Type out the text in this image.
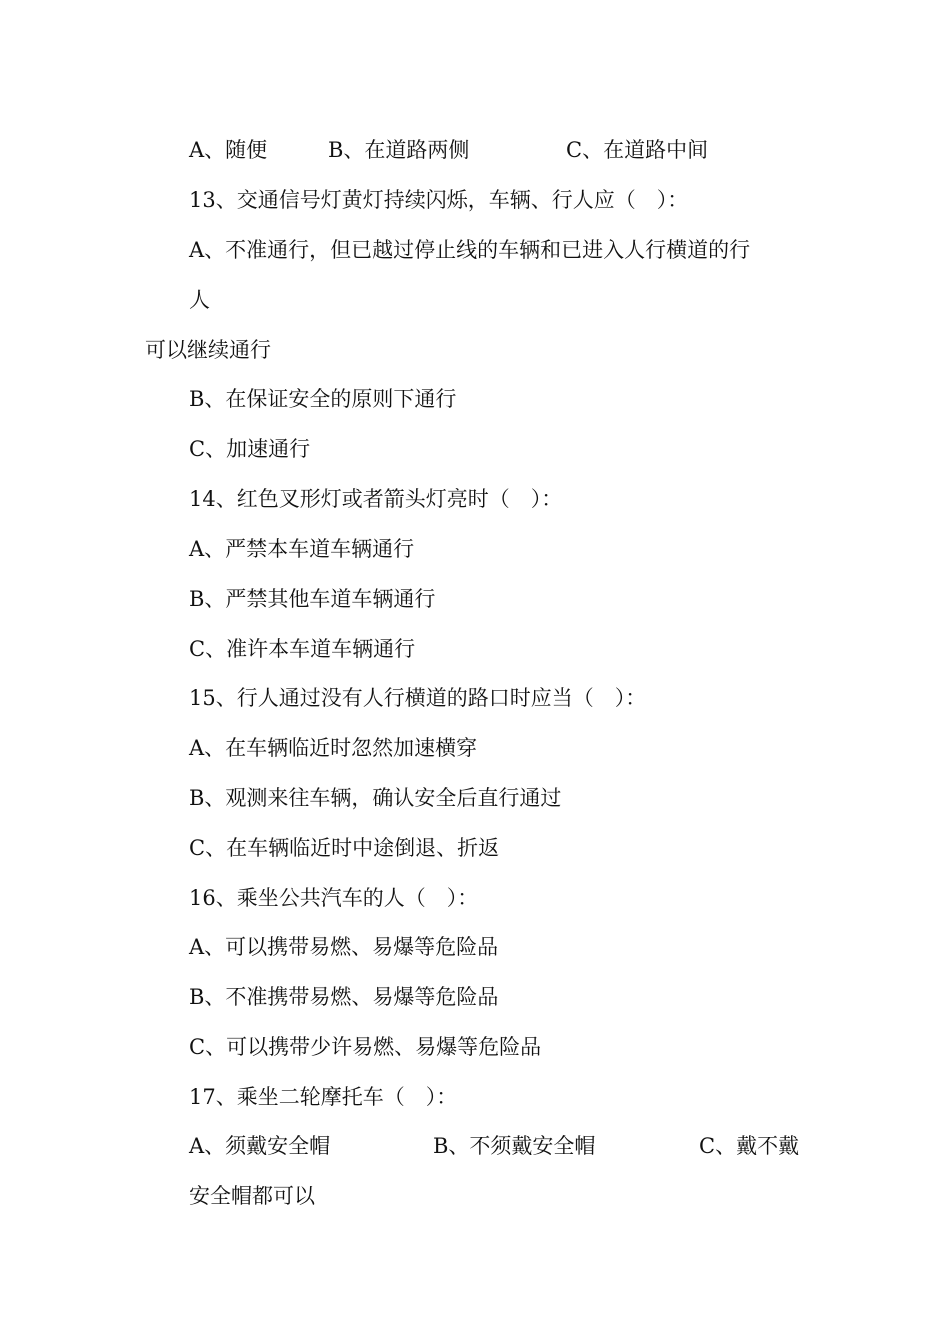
A、随便	B、在道路两侧	C、在道路中间
13、交通信号灯黄灯持续闪烁，车辆、行人应（　）：
A、不准通行，但已越过停止线的车辆和已进入人行横道的行
人
可以继续通行
B、在保证安全的原则下通行
C、加速通行
14、红色叉形灯或者箭头灯亮时（　）：
A、严禁本车道车辆通行
B、严禁其他车道车辆通行
C、准许本车道车辆通行
15、行人通过没有人行横道的路口时应当（　）：
A、在车辆临近时忽然加速横穿
B、观测来往车辆，确认安全后直行通过
C、在车辆临近时中途倒退、折返
16、乘坐公共汽车的人（　）：
A、可以携带易燃、易爆等危险品
B、不准携带易燃、易爆等危险品
C、可以携带少许易燃、易爆等危险品
17、乘坐二轮摩托车（　）：
A、须戴安全帽	B、不须戴安全帽	C、戴不戴
安全帽都可以
